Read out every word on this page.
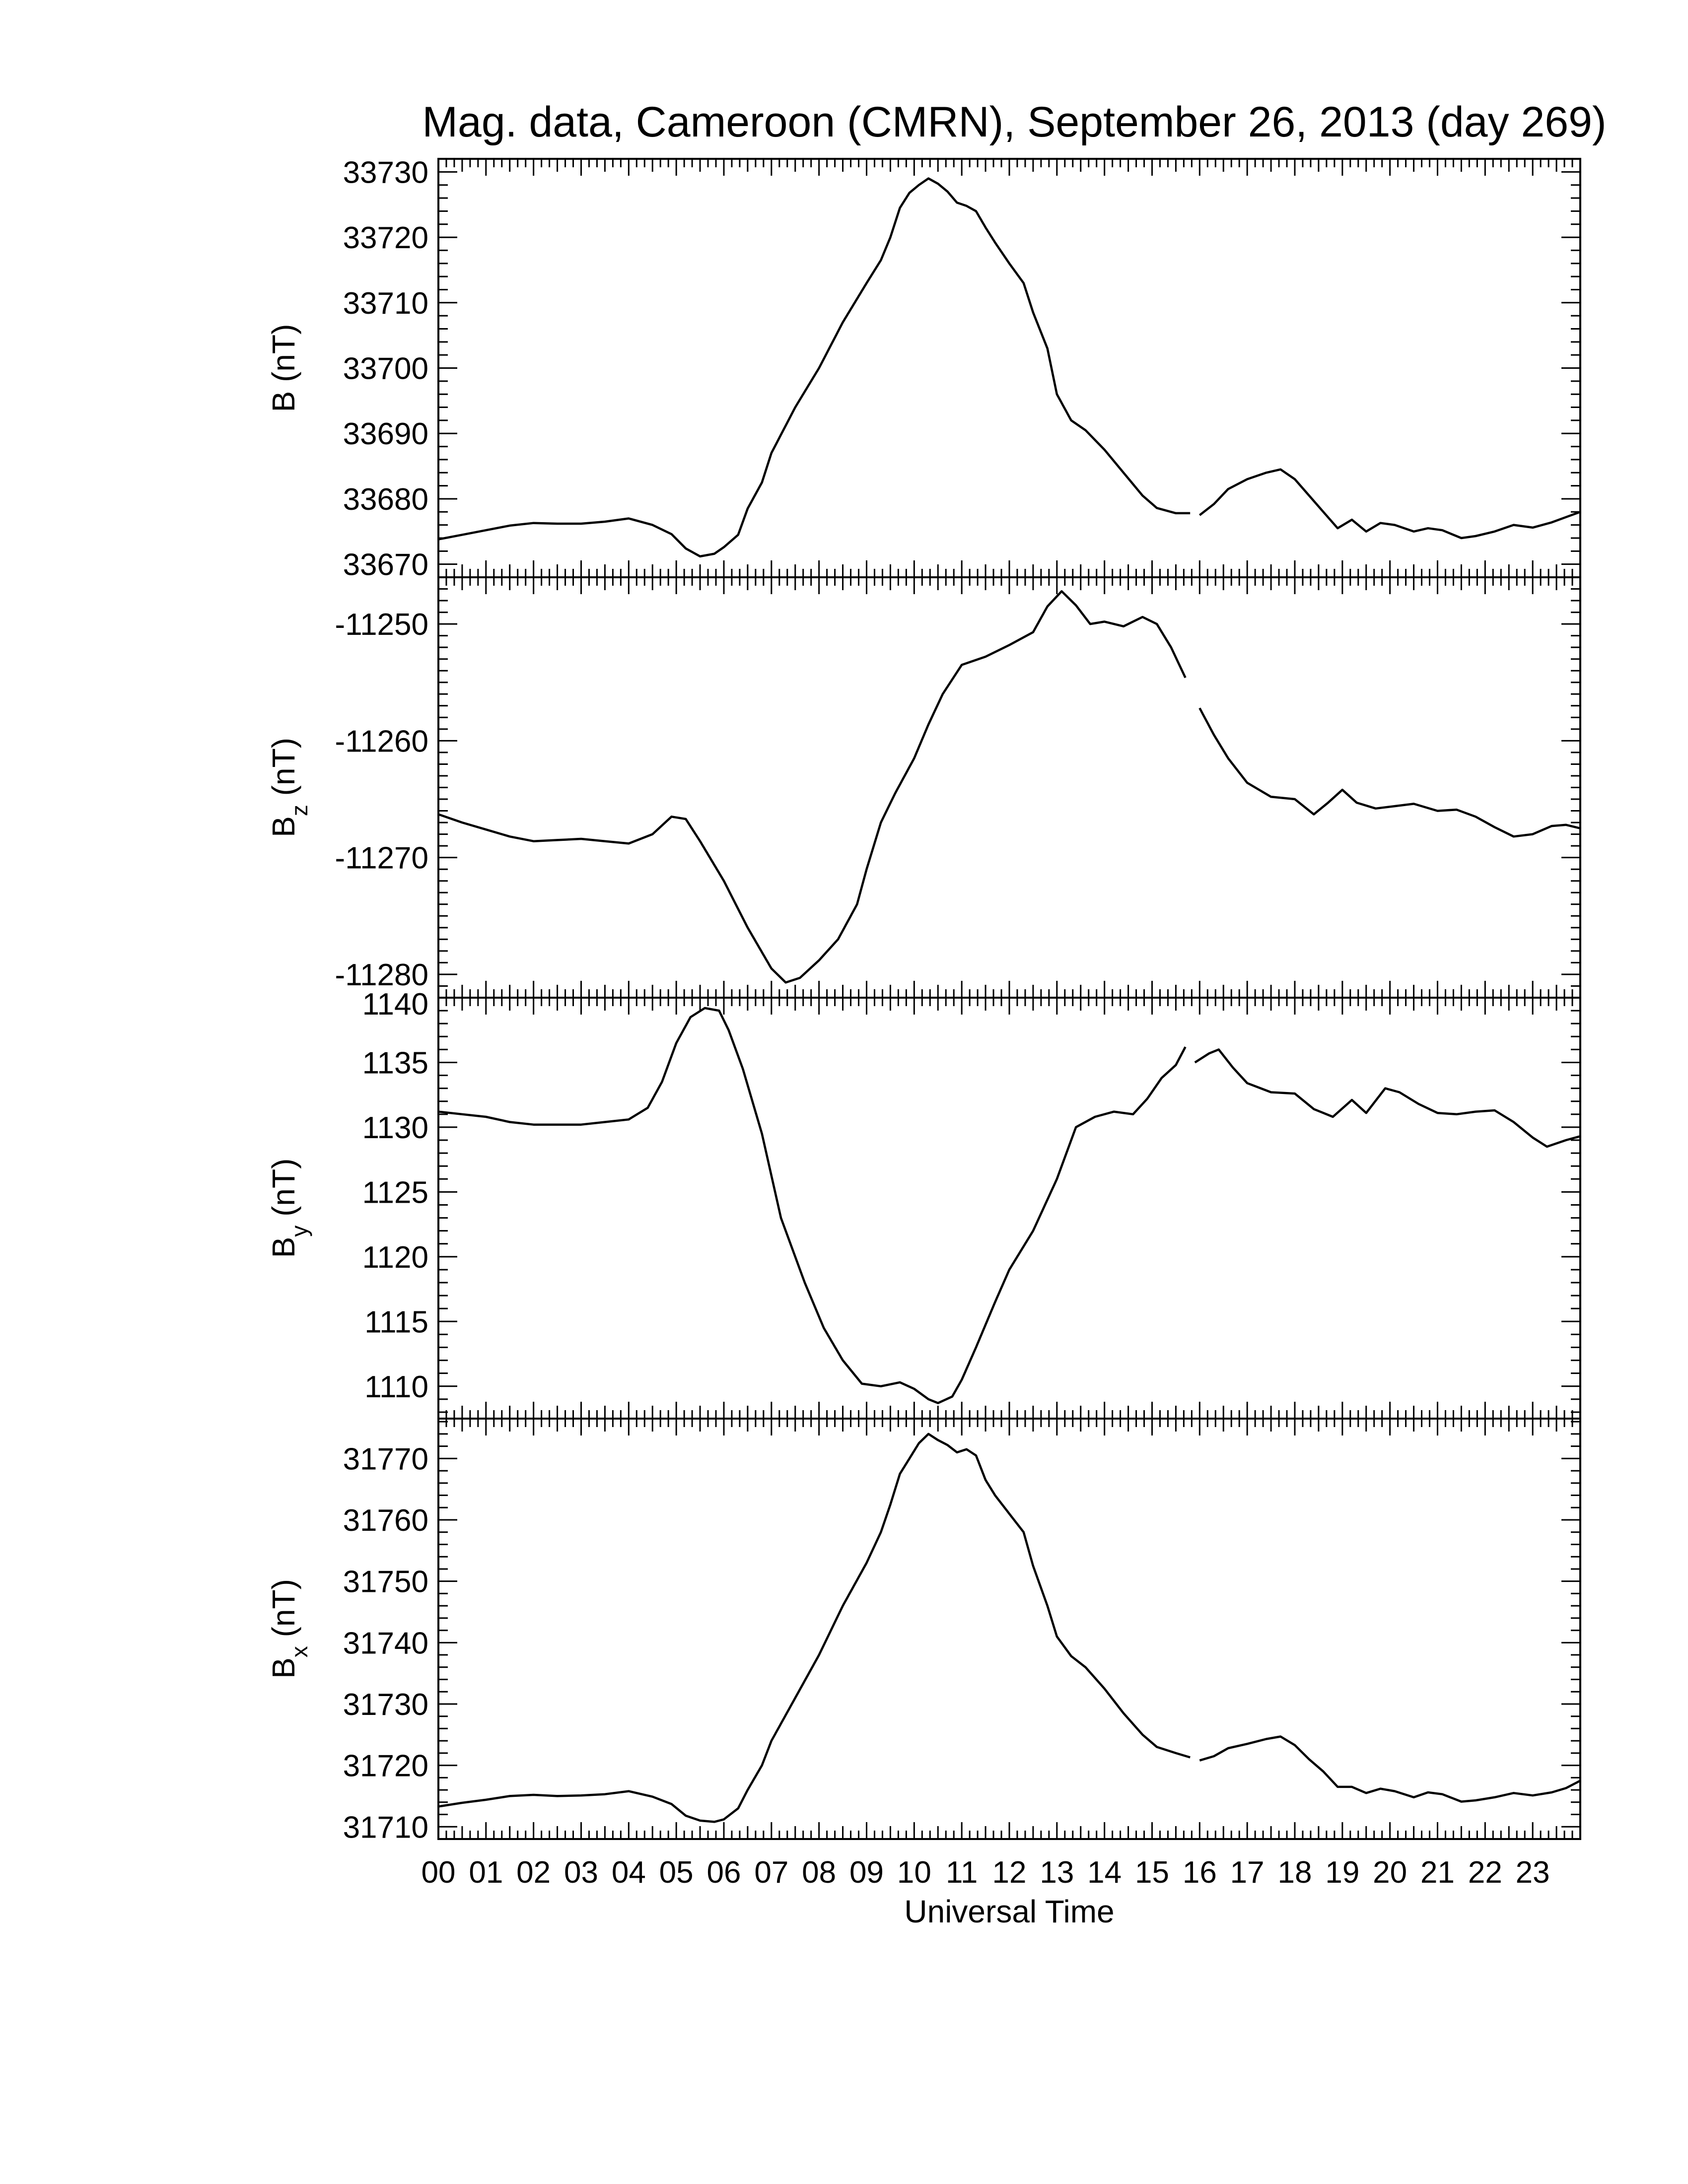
Mag. data, Cameroon (CMRN), September 26, 2013 (day 269)
33670
33680
33690
33700
33710
33720
33730
B (nT)
-11280
-11270
-11260
-11250
$B_z$ (nT)
1110
1115
1120
1125
1130
1135
1140
$B_y$ (nT)
31710
31720
31730
31740
31750
31760
31770
$B_x$ (nT)
00 01 02 03 04 05 06 07 08 09 10 11 12 13 14 15 16 17 18 19 20 21 22 23
Universal Time
